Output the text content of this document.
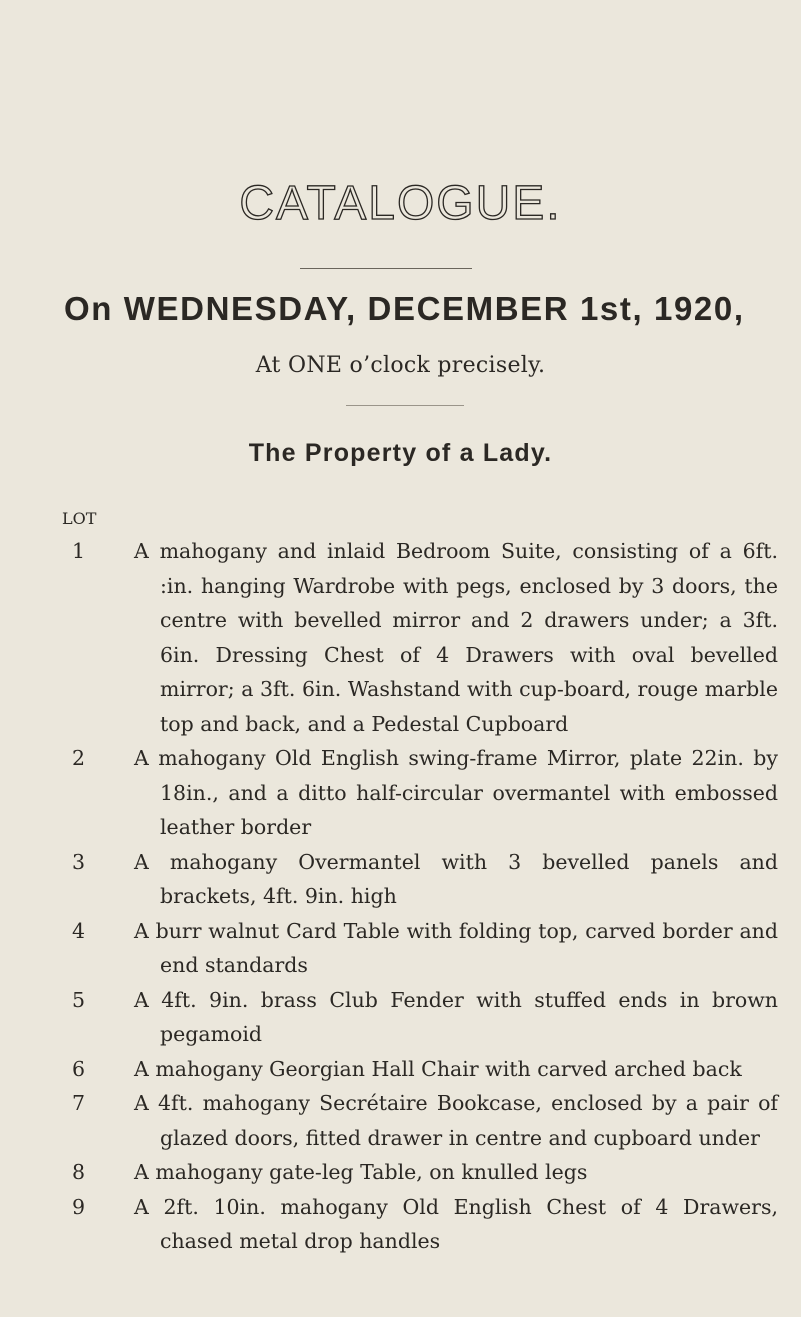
CATALOGUE.
On WEDNESDAY, DECEMBER 1st, 1920,
At ONE o’clock precisely.
The Property of a Lady.
LOT
1	A mahogany and inlaid Bedroom Suite, consisting of a 6ft. :in. hanging Wardrobe with pegs, enclosed by 3 doors, the centre with bevelled mirror and 2 drawers under; a 3ft. 6in. Dressing Chest of 4 Drawers with oval bevelled mirror; a 3ft. 6in. Washstand with cup-board, rouge marble top and back, and a Pedestal Cupboard
2	A mahogany Old English swing-frame Mirror, plate 22in. by 18in., and a ditto half-circular overmantel with embossed leather border
3	A mahogany Overmantel with 3 bevelled panels and brackets, 4ft. 9in. high
4	A burr walnut Card Table with folding top, carved border and end standards
5	A 4ft. 9in. brass Club Fender with stuffed ends in brown pegamoid
6	A mahogany Georgian Hall Chair with carved arched back
7	A 4ft. mahogany Secrétaire Bookcase, enclosed by a pair of glazed doors, fitted drawer in centre and cupboard under
8	A mahogany gate-leg Table, on knulled legs
9	A 2ft. 10in. mahogany Old English Chest of 4 Drawers, chased metal drop handles
